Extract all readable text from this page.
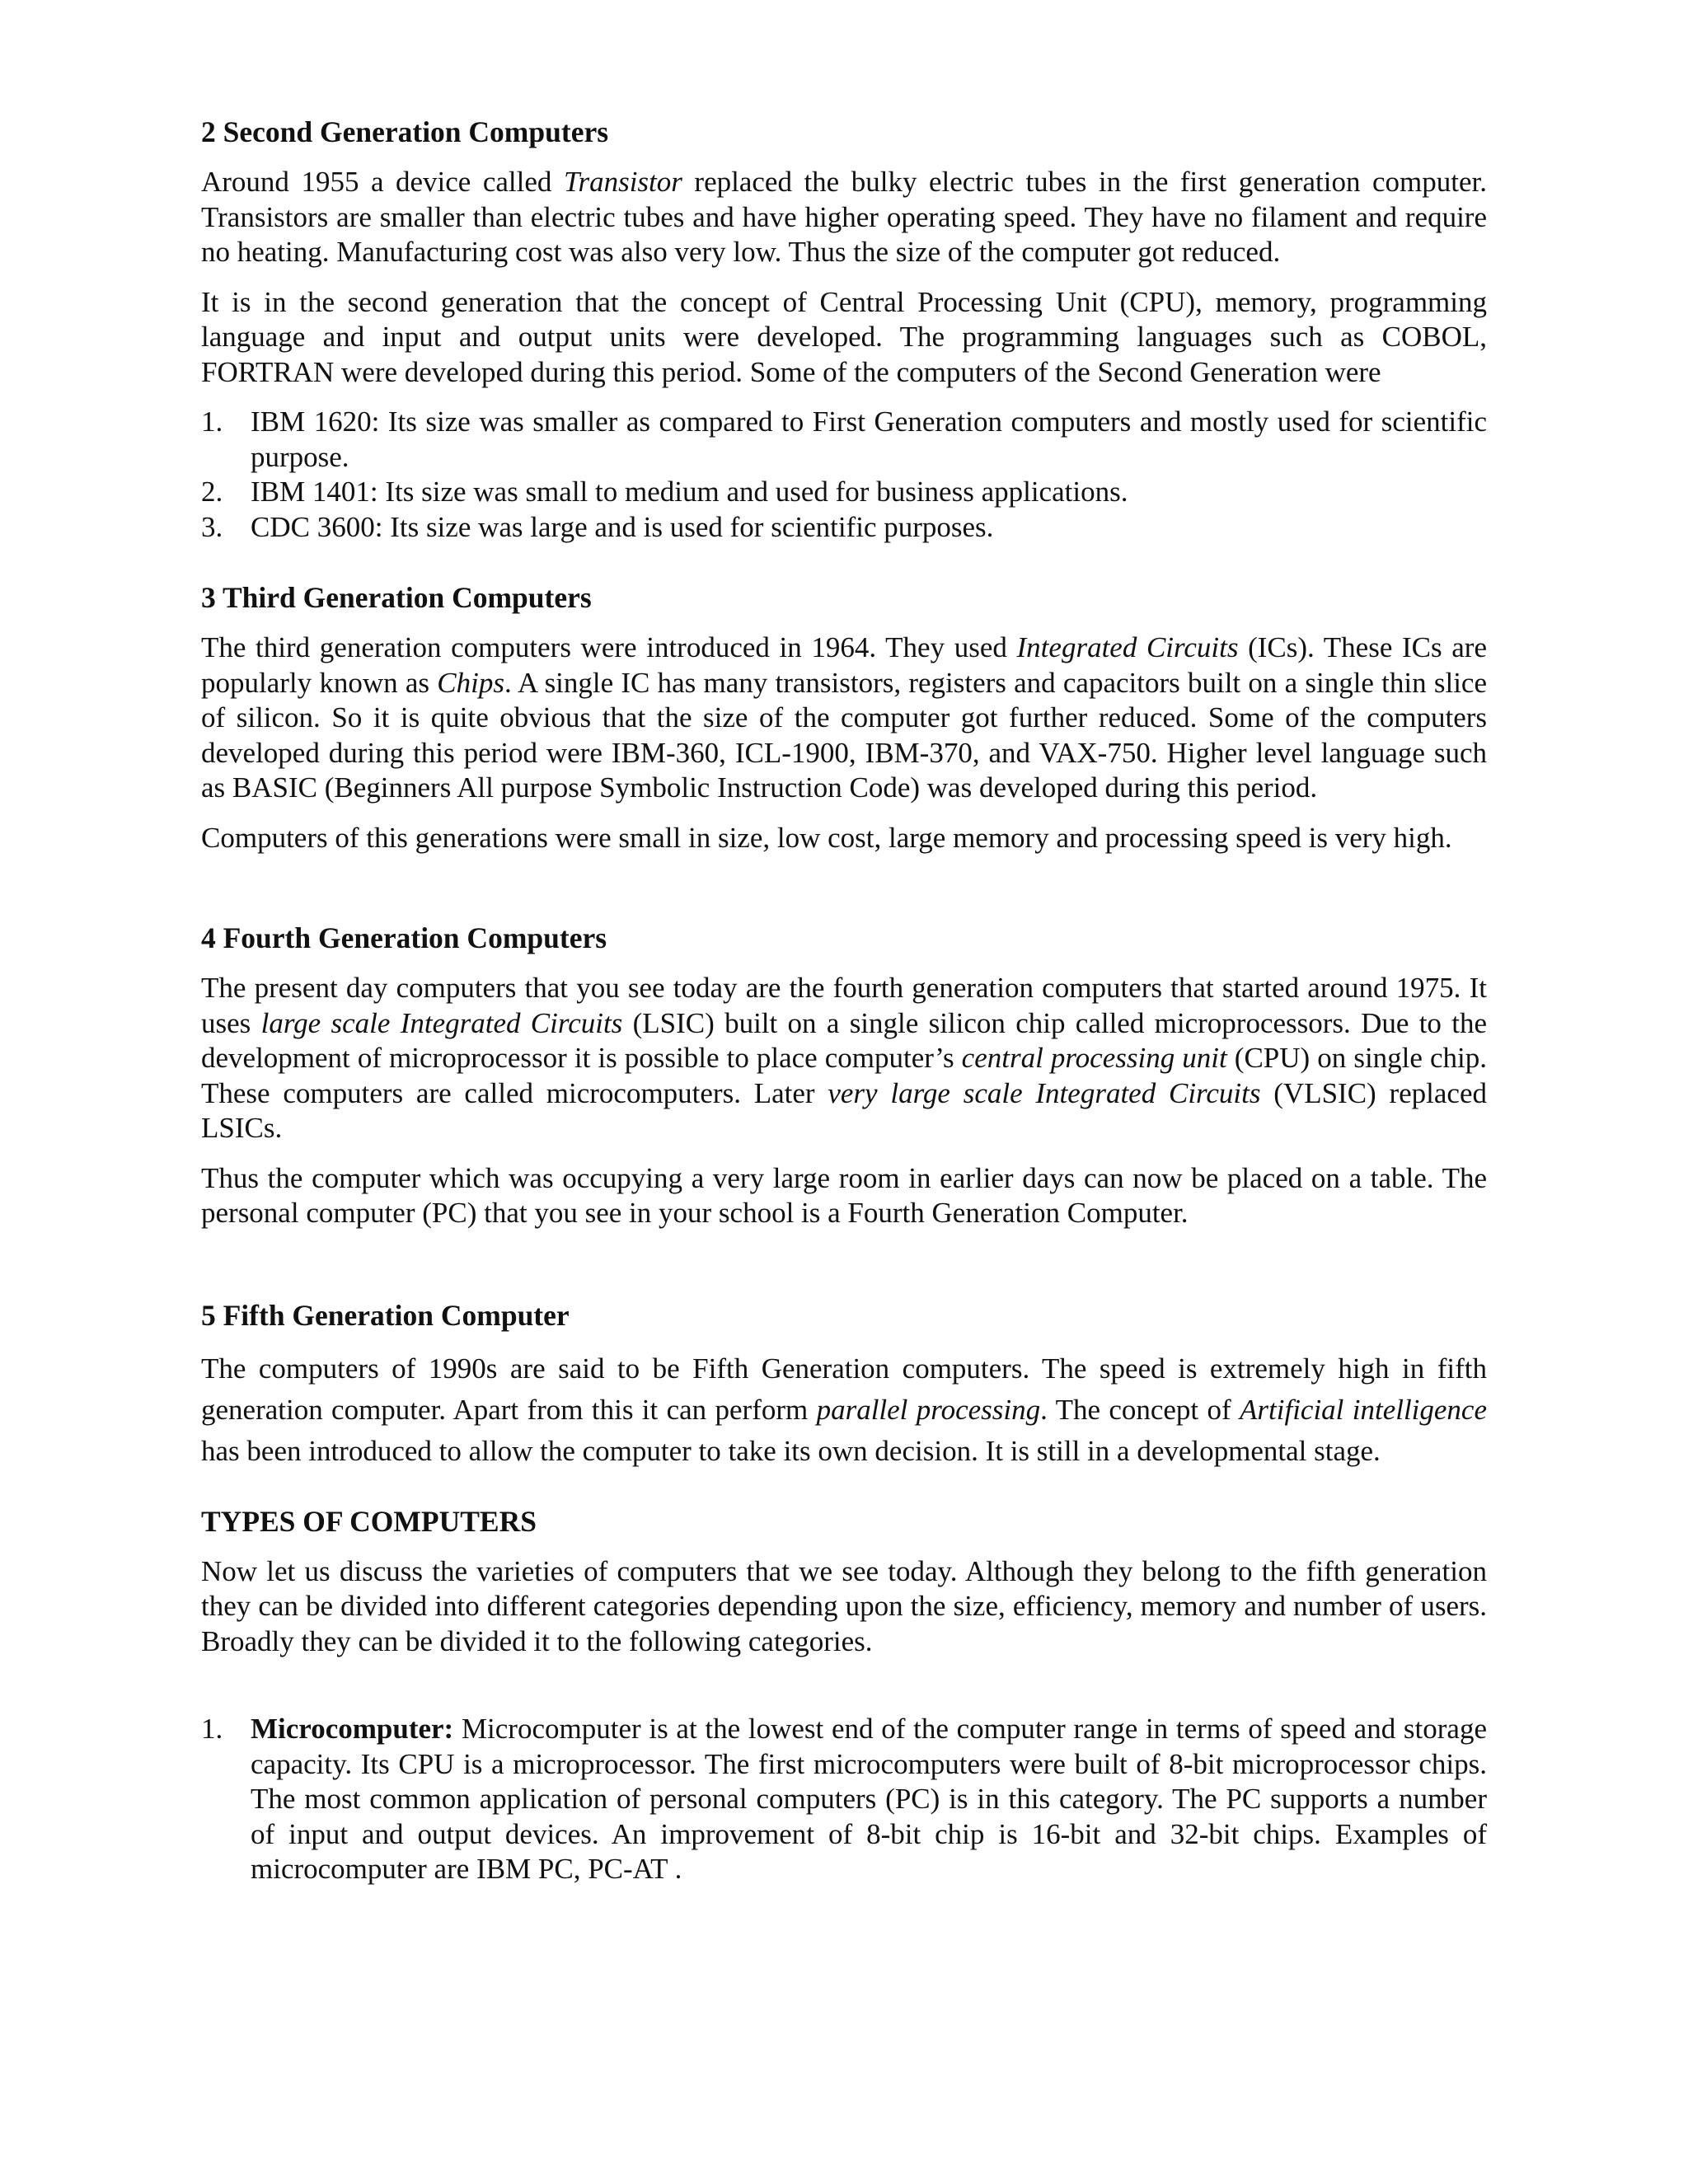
2 Second Generation Computers

Around 1955 a device called Transistor replaced the bulky electric tubes in the first generation computer. Transistors are smaller than electric tubes and have higher operating speed. They have no filament and require no heating. Manufacturing cost was also very low. Thus the size of the computer got reduced.

It is in the second generation that the concept of Central Processing Unit (CPU), memory, programming language and input and output units were developed. The programming languages such as COBOL, FORTRAN were developed during this period. Some of the computers of the Second Generation were

1. IBM 1620: Its size was smaller as compared to First Generation computers and mostly used for scientific purpose.
2. IBM 1401: Its size was small to medium and used for business applications.
3. CDC 3600: Its size was large and is used for scientific purposes.
3 Third Generation Computers

The third generation computers were introduced in 1964. They used Integrated Circuits (ICs). These ICs are popularly known as Chips. A single IC has many transistors, registers and capacitors built on a single thin slice of silicon. So it is quite obvious that the size of the computer got further reduced. Some of the computers developed during this period were IBM-360, ICL-1900, IBM-370, and VAX-750. Higher level language such as BASIC (Beginners All purpose Symbolic Instruction Code) was developed during this period.

Computers of this generations were small in size, low cost, large memory and processing speed is very high.

4 Fourth Generation Computers

The present day computers that you see today are the fourth generation computers that started around 1975. It uses large scale Integrated Circuits (LSIC) built on a single silicon chip called microprocessors. Due to the development of microprocessor it is possible to place computer’s central processing unit (CPU) on single chip. These computers are called microcomputers. Later very large scale Integrated Circuits (VLSIC) replaced LSICs.

Thus the computer which was occupying a very large room in earlier days can now be placed on a table. The personal computer (PC) that you see in your school is a Fourth Generation Computer.

5 Fifth Generation Computer

The computers of 1990s are said to be Fifth Generation computers. The speed is extremely high in fifth generation computer. Apart from this it can perform parallel processing. The concept of Artificial intelligence has been introduced to allow the computer to take its own decision. It is still in a developmental stage.

TYPES OF COMPUTERS

Now let us discuss the varieties of computers that we see today. Although they belong to the fifth generation they can be divided into different categories depending upon the size, efficiency, memory and number of users. Broadly they can be divided it to the following categories.

1. Microcomputer: Microcomputer is at the lowest end of the computer range in terms of speed and storage capacity. Its CPU is a microprocessor. The first microcomputers were built of 8-bit microprocessor chips. The most common application of personal computers (PC) is in this category. The PC supports a number of input and output devices. An improvement of 8-bit chip is 16-bit and 32-bit chips. Examples of microcomputer are IBM PC, PC-AT .
